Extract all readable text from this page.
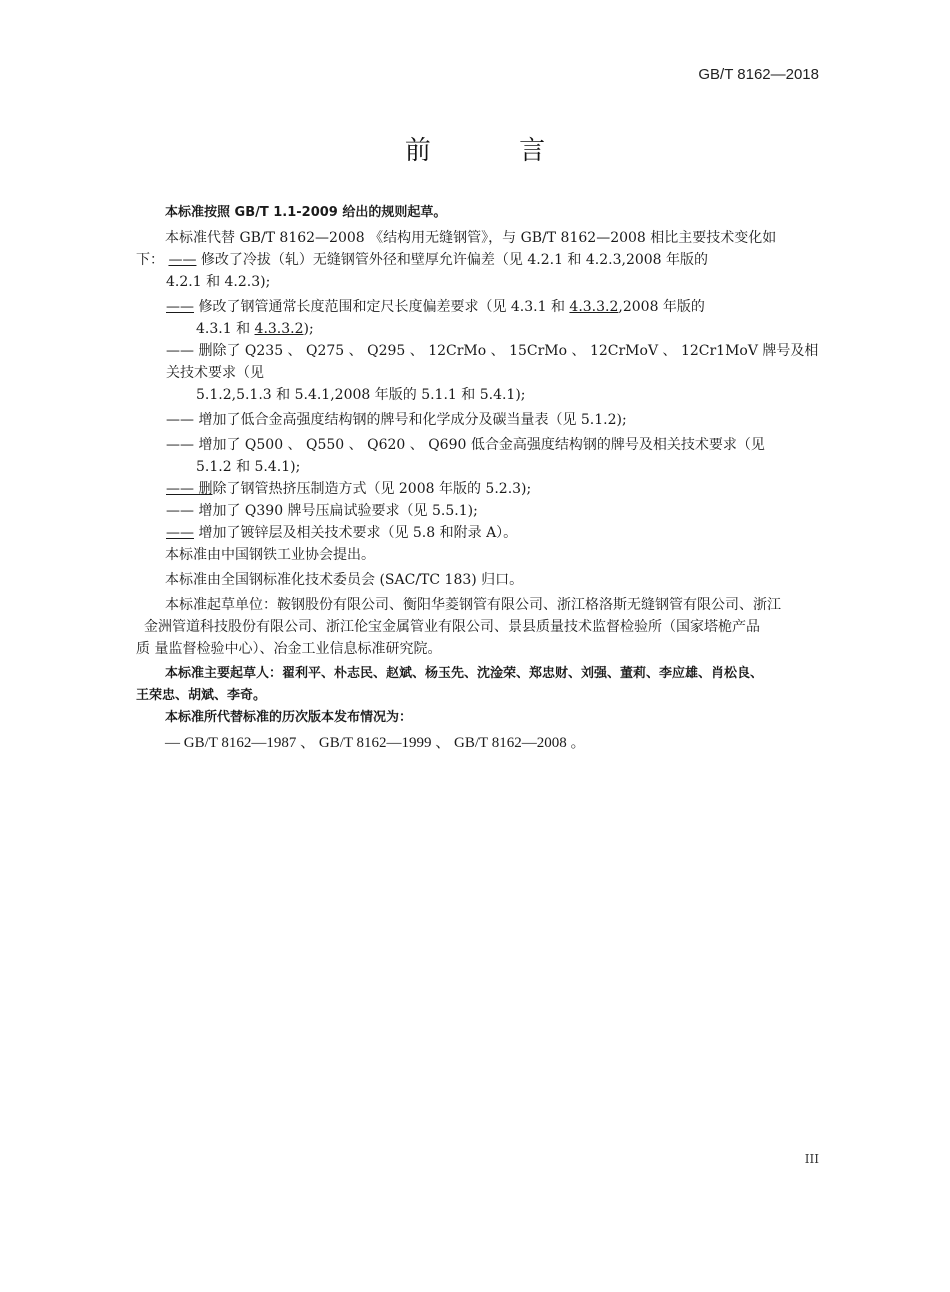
GB/T 8162—2018
前 言

本标准按照 GB/T 1.1-2009 给出的规则起草。

本标准代替 GB/T 8162—2008 《结构用无缝钢管》，与 GB/T 8162—2008 相比主要技术变化如

下： —— 修改了冷拔（轧）无缝钢管外径和壁厚允许偏差（见 4.2.1 和 4.2.3,2008 年版的

4.2.1 和 4.2.3);

—— 修改了钢管通常长度范围和定尺长度偏差要求（见 4.3.1 和 4.3.3.2,2008 年版的

4.3.1 和 4.3.3.2);

—— 删除了 Q235 、 Q275 、 Q295 、 12CrMo 、 15CrMo 、 12CrMoV 、 12Cr1MoV 牌号及相关技术要求（见

5.1.2,5.1.3 和 5.4.1,2008 年版的 5.1.1 和 5.4.1);

—— 增加了低合金高强度结构钢的牌号和化学成分及碳当量表（见 5.1.2);

—— 增加了 Q500 、 Q550 、 Q620 、 Q690 低合金高强度结构钢的牌号及相关技术要求（见

5.1.2 和 5.4.1);

—— 删除了钢管热挤压制造方式（见 2008 年版的 5.2.3);

—— 增加了 Q390 牌号压扁试验要求（见 5.5.1);

—— 增加了镀锌层及相关技术要求（见 5.8 和附录 A）。

本标准由中国钢铁工业协会提出。

本标准由全国钢标准化技术委员会 (SAC/TC 183) 归口。

本标准起草单位：鞍钢股份有限公司、衡阳华菱钢管有限公司、浙江格洛斯无缝钢管有限公司、浙江

金洲管道科技股份有限公司、浙江伦宝金属管业有限公司、景县质量技术监督检验所（国家塔桅产品

质 量监督检验中心）、冶金工业信息标准研究院。

本标准主要起草人：翟利平、朴志民、赵斌、杨玉先、沈淦荣、郑忠财、刘强、董莉、李应雄、肖松良、

王荣忠、胡斌、李奇。

本标准所代替标准的历次版本发布情况为：

— GB/T 8162—1987 、 GB/T 8162—1999 、 GB/T 8162—2008 。

III
